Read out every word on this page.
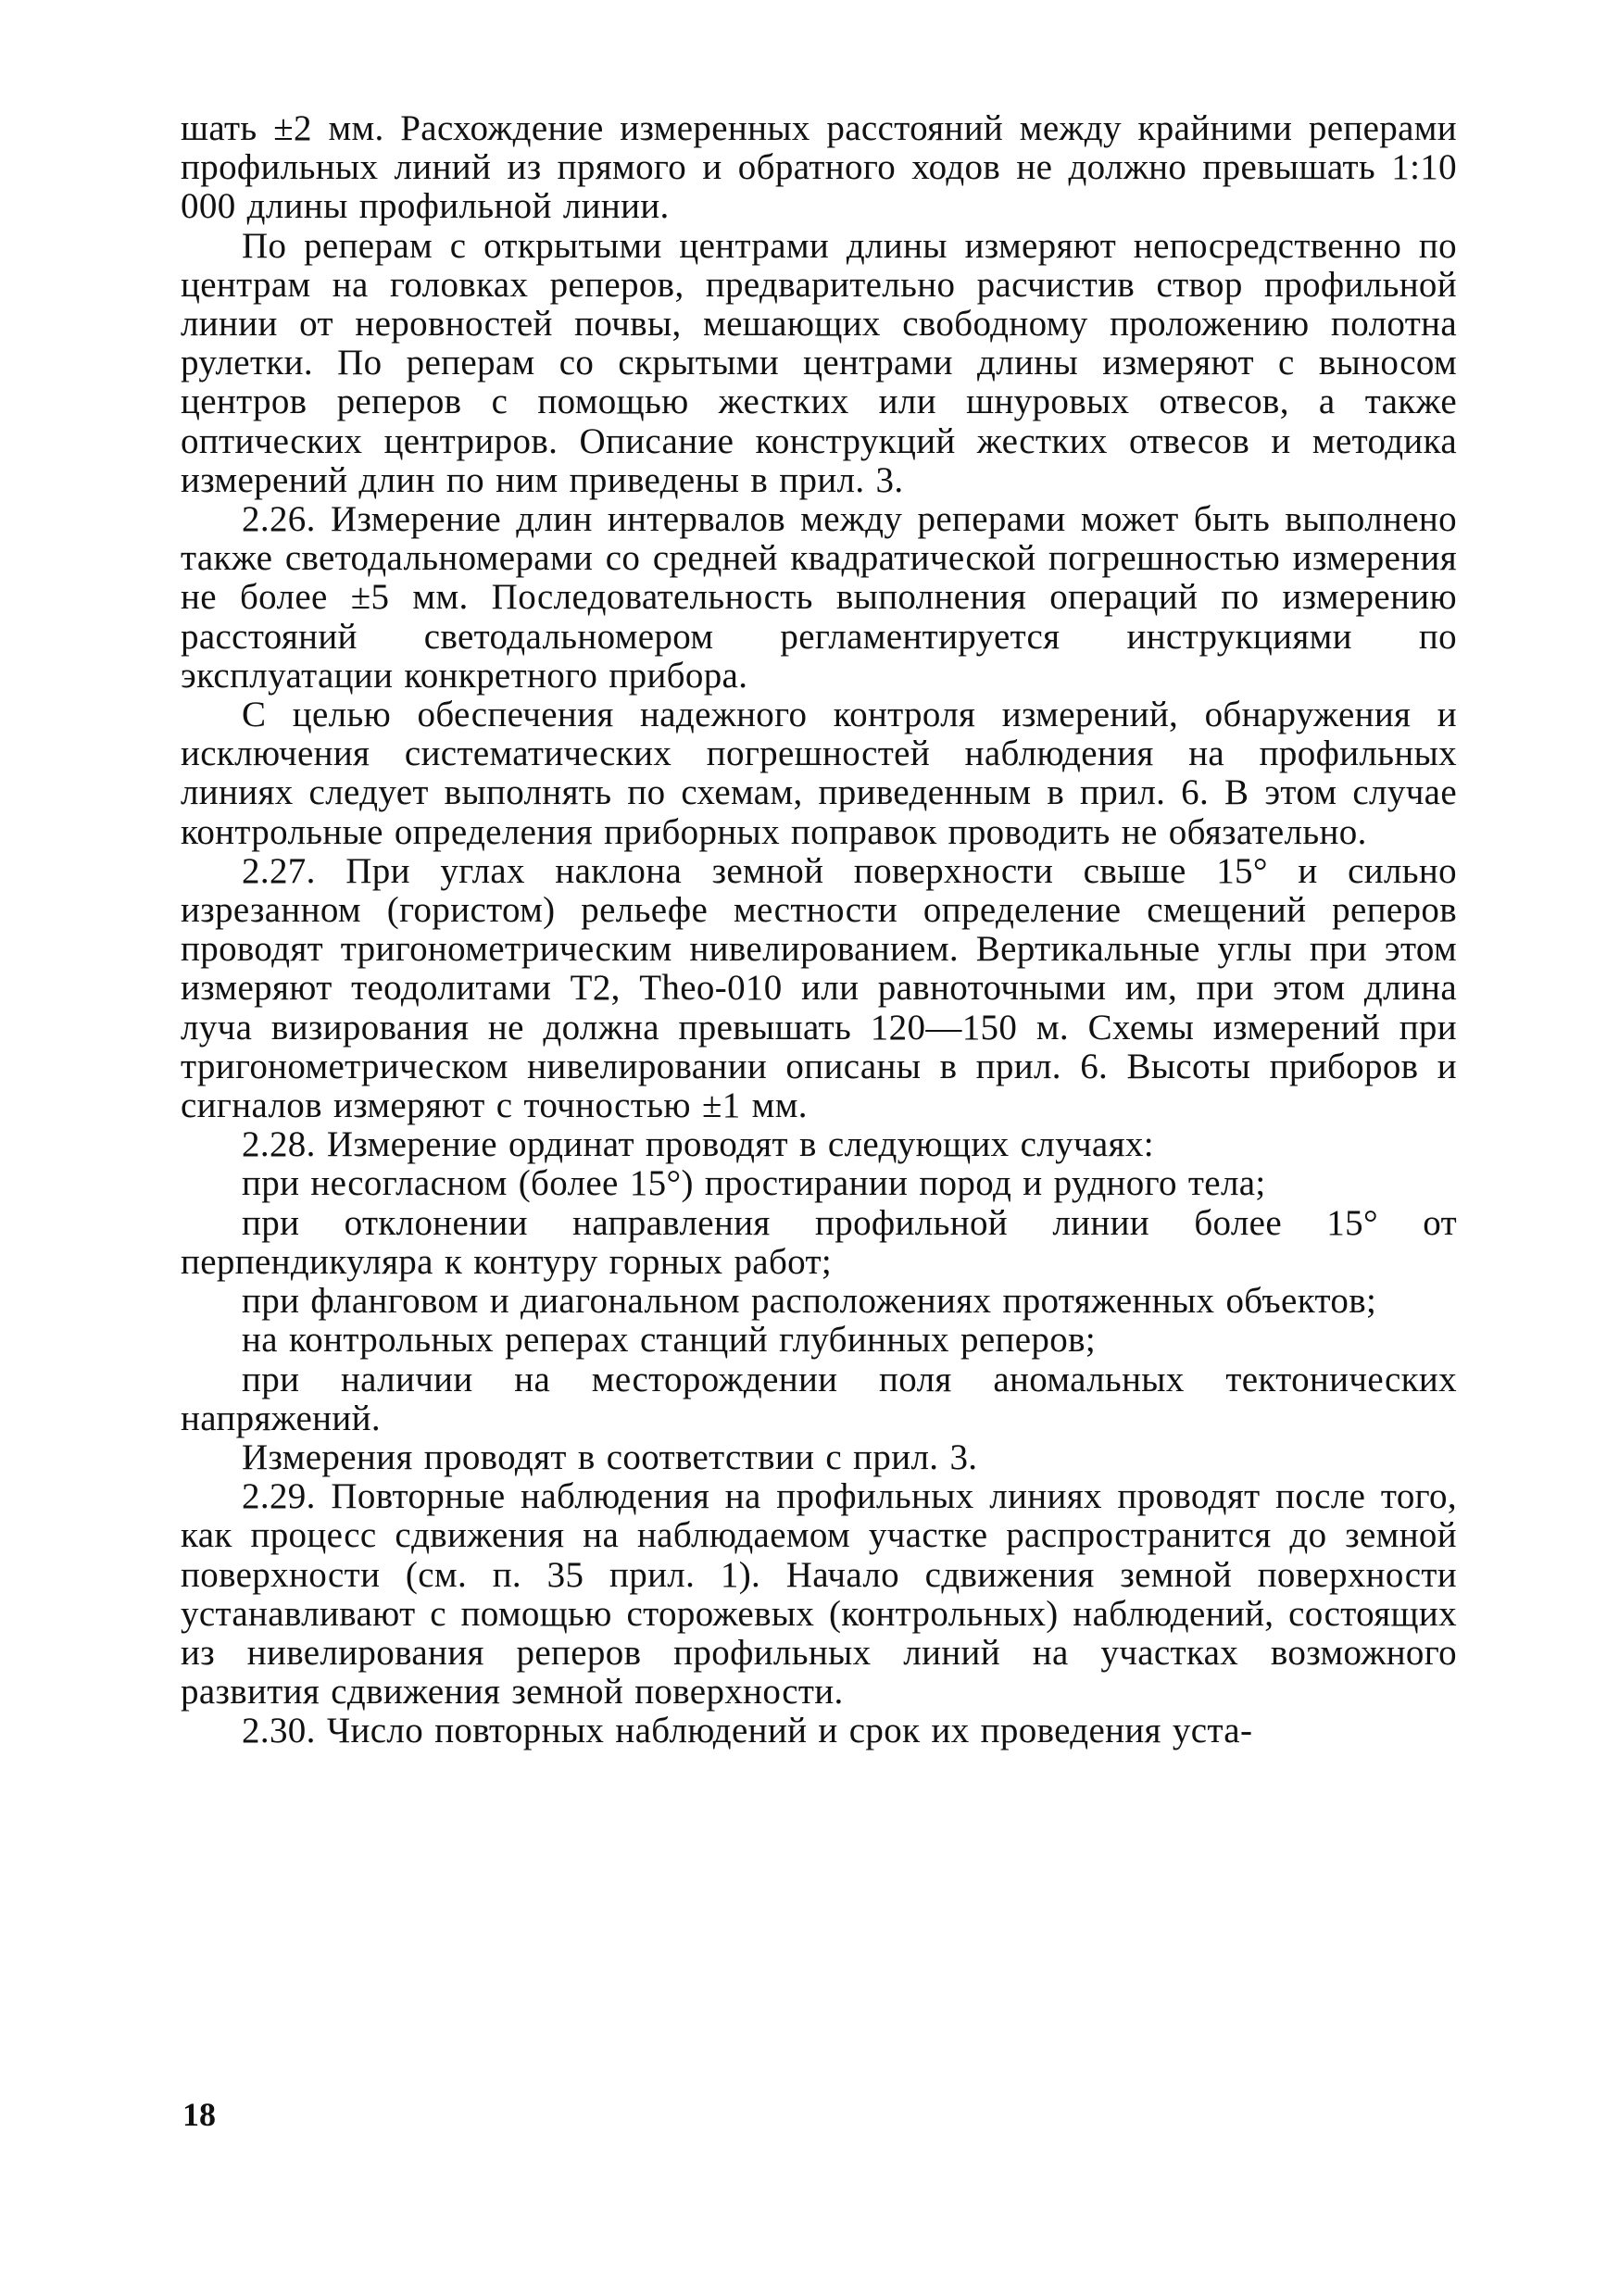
шать ±2 мм. Расхождение измеренных расстояний между крайними реперами профильных линий из прямого и обратного ходов не должно превышать 1:10 000 длины профильной линии.

По реперам с открытыми центрами длины измеряют непосредственно по центрам на головках реперов, предварительно расчистив створ профильной линии от неровностей почвы, мешающих свободному проложению полотна рулетки. По реперам со скрытыми центрами длины измеряют с выносом центров реперов с помощью жестких или шнуровых отвесов, а также оптических центриров. Описание конструкций жестких отвесов и методика измерений длин по ним приведены в прил. 3.

2.26. Измерение длин интервалов между реперами может быть выполнено также светодальномерами со средней квадратической погрешностью измерения не более ±5 мм. Последовательность выполнения операций по измерению расстояний светодальномером регламентируется инструкциями по эксплуатации конкретного прибора.

С целью обеспечения надежного контроля измерений, обнаружения и исключения систематических погрешностей наблюдения на профильных линиях следует выполнять по схемам, приведенным в прил. 6. В этом случае контрольные определения приборных поправок проводить не обязательно.

2.27. При углах наклона земной поверхности свыше 15° и сильно изрезанном (гористом) рельефе местности определение смещений реперов проводят тригонометрическим нивелированием. Вертикальные углы при этом измеряют теодолитами Т2, Theo-010 или равноточными им, при этом длина луча визирования не должна превышать 120—150 м. Схемы измерений при тригонометрическом нивелировании описаны в прил. 6. Высоты приборов и сигналов измеряют с точностью ±1 мм.

2.28. Измерение ординат проводят в следующих случаях:

при несогласном (более 15°) простирании пород и рудного тела;

при отклонении направления профильной линии более 15° от перпендикуляра к контуру горных работ;

при фланговом и диагональном расположениях протяженных объектов;

на контрольных реперах станций глубинных реперов;

при наличии на месторождении поля аномальных тектонических напряжений.

Измерения проводят в соответствии с прил. 3.

2.29. Повторные наблюдения на профильных линиях проводят после того, как процесс сдвижения на наблюдаемом участке распространится до земной поверхности (см. п. 35 прил. 1). Начало сдвижения земной поверхности устанавливают с помощью сторожевых (контрольных) наблюдений, состоящих из нивелирования реперов профильных линий на участках возможного развития сдвижения земной поверхности.

2.30. Число повторных наблюдений и срок их проведения уста-

18
